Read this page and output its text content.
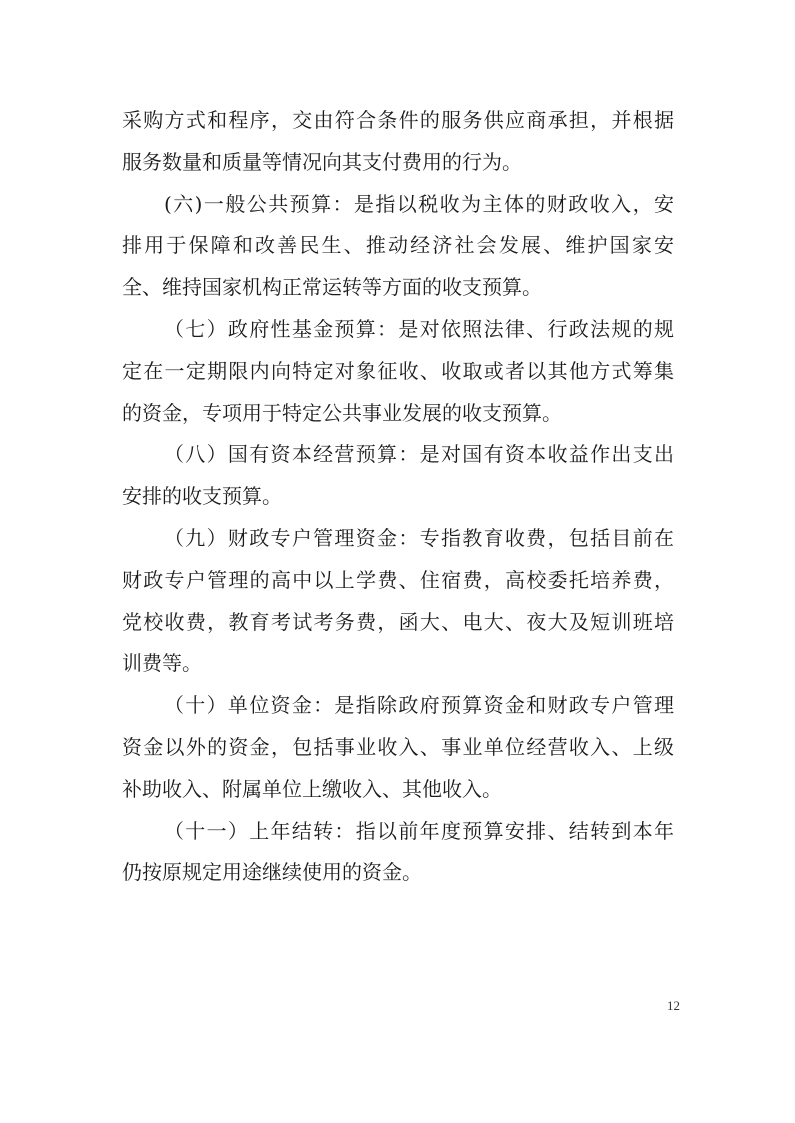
采购方式和程序，交由符合条件的服务供应商承担，并根据
服务数量和质量等情况向其支付费用的行为。
(六)一般公共预算：是指以税收为主体的财政收入，安
排用于保障和改善民生、推动经济社会发展、维护国家安
全、维持国家机构正常运转等方面的收支预算。
（七）政府性基金预算：是对依照法律、行政法规的规
定在一定期限内向特定对象征收、收取或者以其他方式筹集
的资金，专项用于特定公共事业发展的收支预算。
（八）国有资本经营预算：是对国有资本收益作出支出
安排的收支预算。
（九）财政专户管理资金：专指教育收费，包括目前在
财政专户管理的高中以上学费、住宿费，高校委托培养费，
党校收费，教育考试考务费，函大、电大、夜大及短训班培
训费等。
（十）单位资金：是指除政府预算资金和财政专户管理
资金以外的资金，包括事业收入、事业单位经营收入、上级
补助收入、附属单位上缴收入、其他收入。
（十一）上年结转：指以前年度预算安排、结转到本年
仍按原规定用途继续使用的资金。
12
